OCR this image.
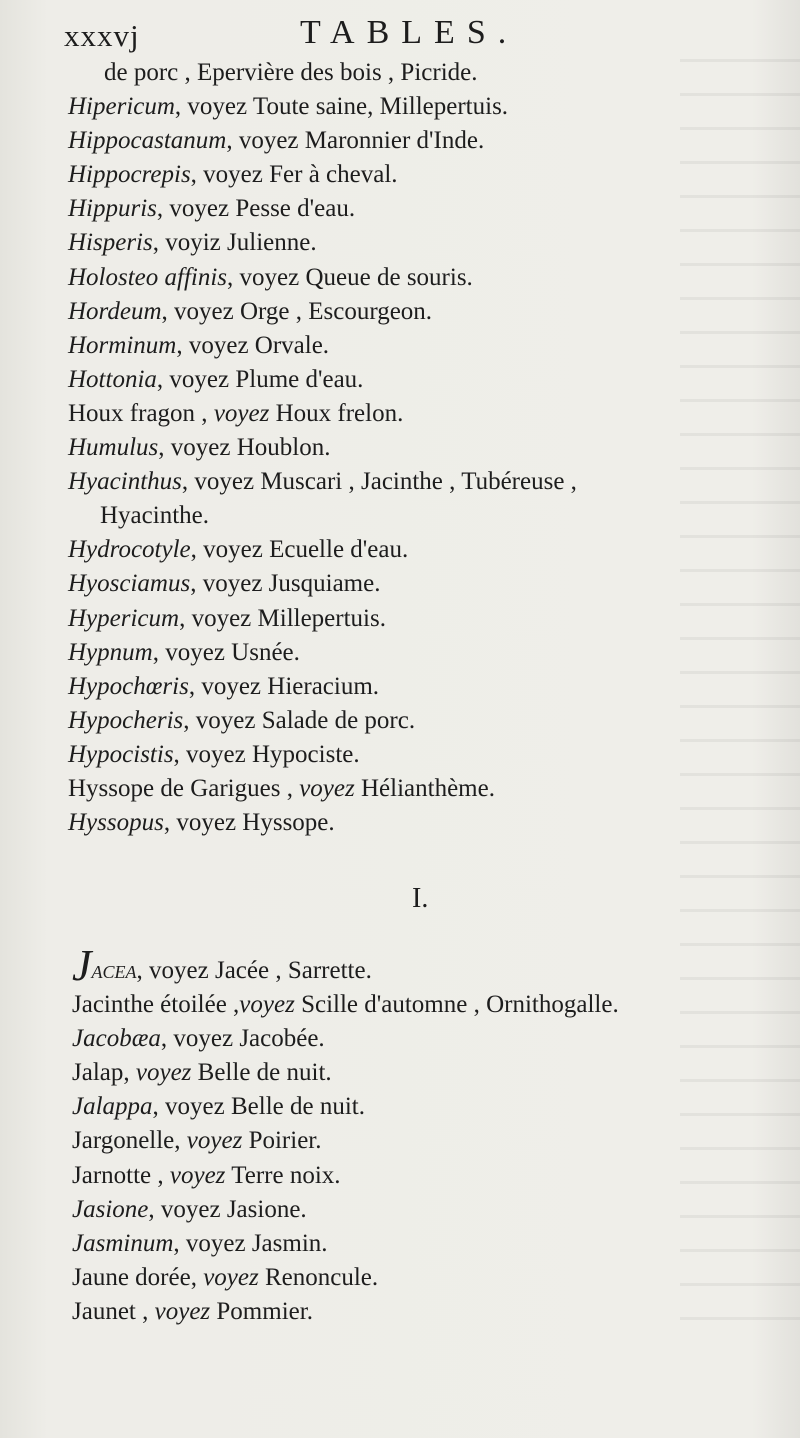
xxxvj	TABLES.
de porc , Epervière des bois , Picride.
Hipericum, voyez Toute saine, Millepertuis.
Hippocastanum, voyez Maronnier d'Inde.
Hippocrepis, voyez Fer à cheval.
Hippuris, voyez Pesse d'eau.
Hisperis, voyiz Julienne.
Holosteo affinis, voyez Queue de souris.
Hordeum, voyez Orge , Escourgeon.
Horminum, voyez Orvale.
Hottonia, voyez Plume d'eau.
Houx fragon , voyez Houx frelon.
Humulus, voyez Houblon.
Hyacinthus, voyez Muscari , Jacinthe , Tubéreuse ,
Hyacinthe.
Hydrocotyle, voyez Ecuelle d'eau.
Hyosciamus, voyez Jusquiame.
Hypericum, voyez Millepertuis.
Hypnum, voyez Usnée.
Hypochœris, voyez Hieracium.
Hypocheris, voyez Salade de porc.
Hypocistis, voyez Hypociste.
Hyssope de Garigues , voyez Hélianthème.
Hyssopus, voyez Hyssope.
I.
Jacea, voyez Jacée , Sarrette.
Jacinthe étoilée ,voyez Scille d'automne , Ornithogalle.
Jacobæa, voyez Jacobée.
Jalap, voyez Belle de nuit.
Jalappa, voyez Belle de nuit.
Jargonelle, voyez Poirier.
Jarnotte , voyez Terre noix.
Jasione, voyez Jasione.
Jasminum, voyez Jasmin.
Jaune dorée, voyez Renoncule.
Jaunet , voyez Pommier.
